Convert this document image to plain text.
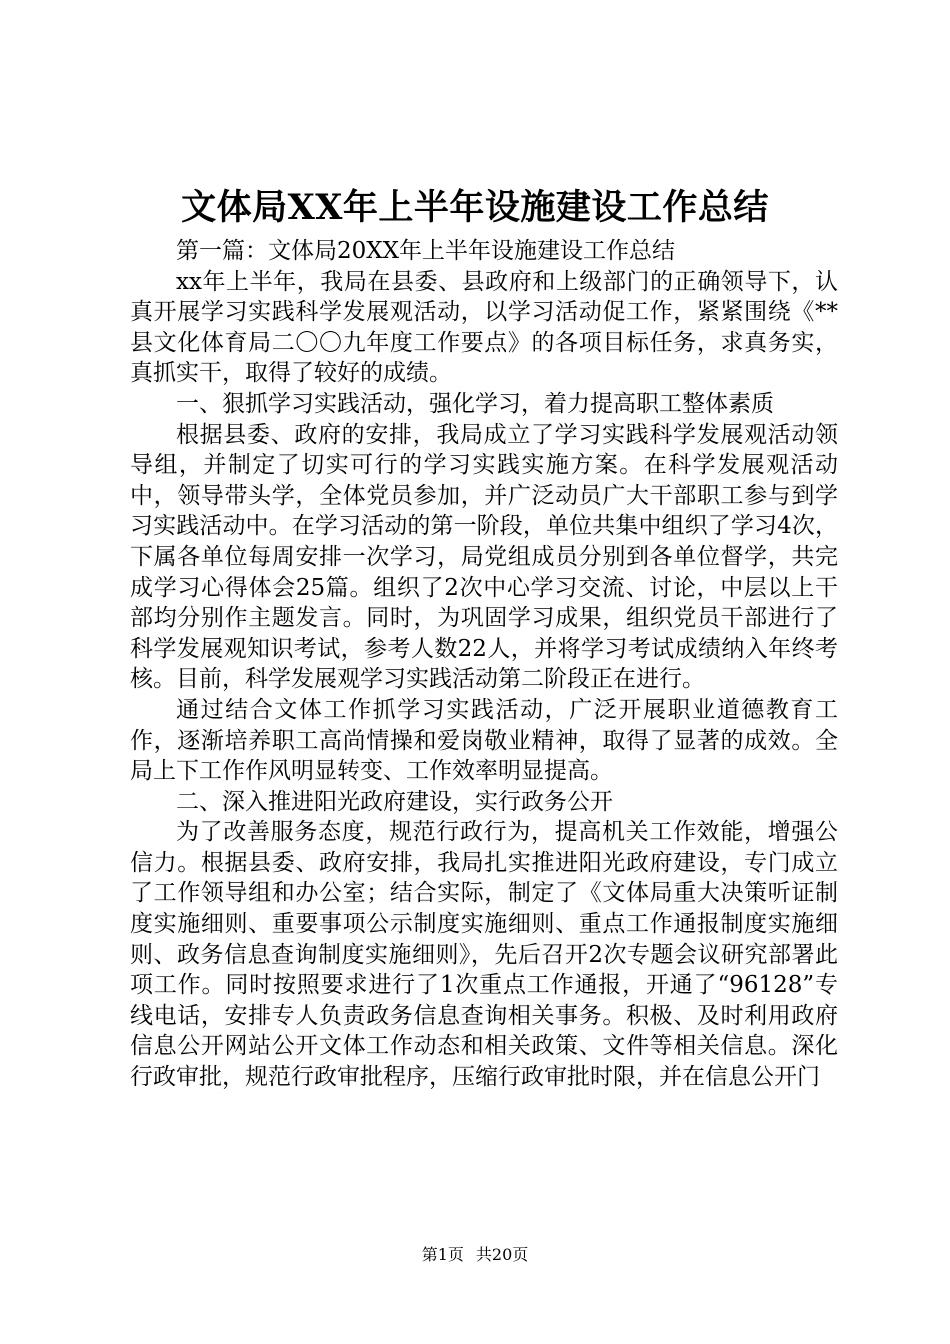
文体局XX年上半年设施建设工作总结

第一篇：文体局20XX年上半年设施建设工作总结

xx年上半年，我局在县委、县政府和上级部门的正确领导下，认真开展学习实践科学发展观活动，以学习活动促工作，紧紧围绕《**县文化体育局二〇〇九年度工作要点》的各项目标任务，求真务实，真抓实干，取得了较好的成绩。

一、狠抓学习实践活动，强化学习，着力提高职工整体素质

根据县委、政府的安排，我局成立了学习实践科学发展观活动领导组，并制定了切实可行的学习实践实施方案。在科学发展观活动中，领导带头学，全体党员参加，并广泛动员广大干部职工参与到学习实践活动中。在学习活动的第一阶段，单位共集中组织了学习4次，下属各单位每周安排一次学习，局党组成员分别到各单位督学，共完成学习心得体会25篇。组织了2次中心学习交流、讨论，中层以上干部均分别作主题发言。同时，为巩固学习成果，组织党员干部进行了科学发展观知识考试，参考人数22人，并将学习考试成绩纳入年终考核。目前，科学发展观学习实践活动第二阶段正在进行。

通过结合文体工作抓学习实践活动，广泛开展职业道德教育工作，逐渐培养职工高尚情操和爱岗敬业精神，取得了显著的成效。全局上下工作作风明显转变、工作效率明显提高。

二、深入推进阳光政府建设，实行政务公开

为了改善服务态度，规范行政行为，提高机关工作效能，增强公信力。根据县委、政府安排，我局扎实推进阳光政府建设，专门成立了工作领导组和办公室；结合实际，制定了《文体局重大决策听证制度实施细则、重要事项公示制度实施细则、重点工作通报制度实施细则、政务信息查询制度实施细则》，先后召开2次专题会议研究部署此项工作。同时按照要求进行了1次重点工作通报，开通了“96128”专线电话，安排专人负责政务信息查询相关事务。积极、及时利用政府信息公开网站公开文体工作动态和相关政策、文件等相关信息。深化行政审批，规范行政审批程序，压缩行政审批时限，并在信息公开门

第1页 共20页
